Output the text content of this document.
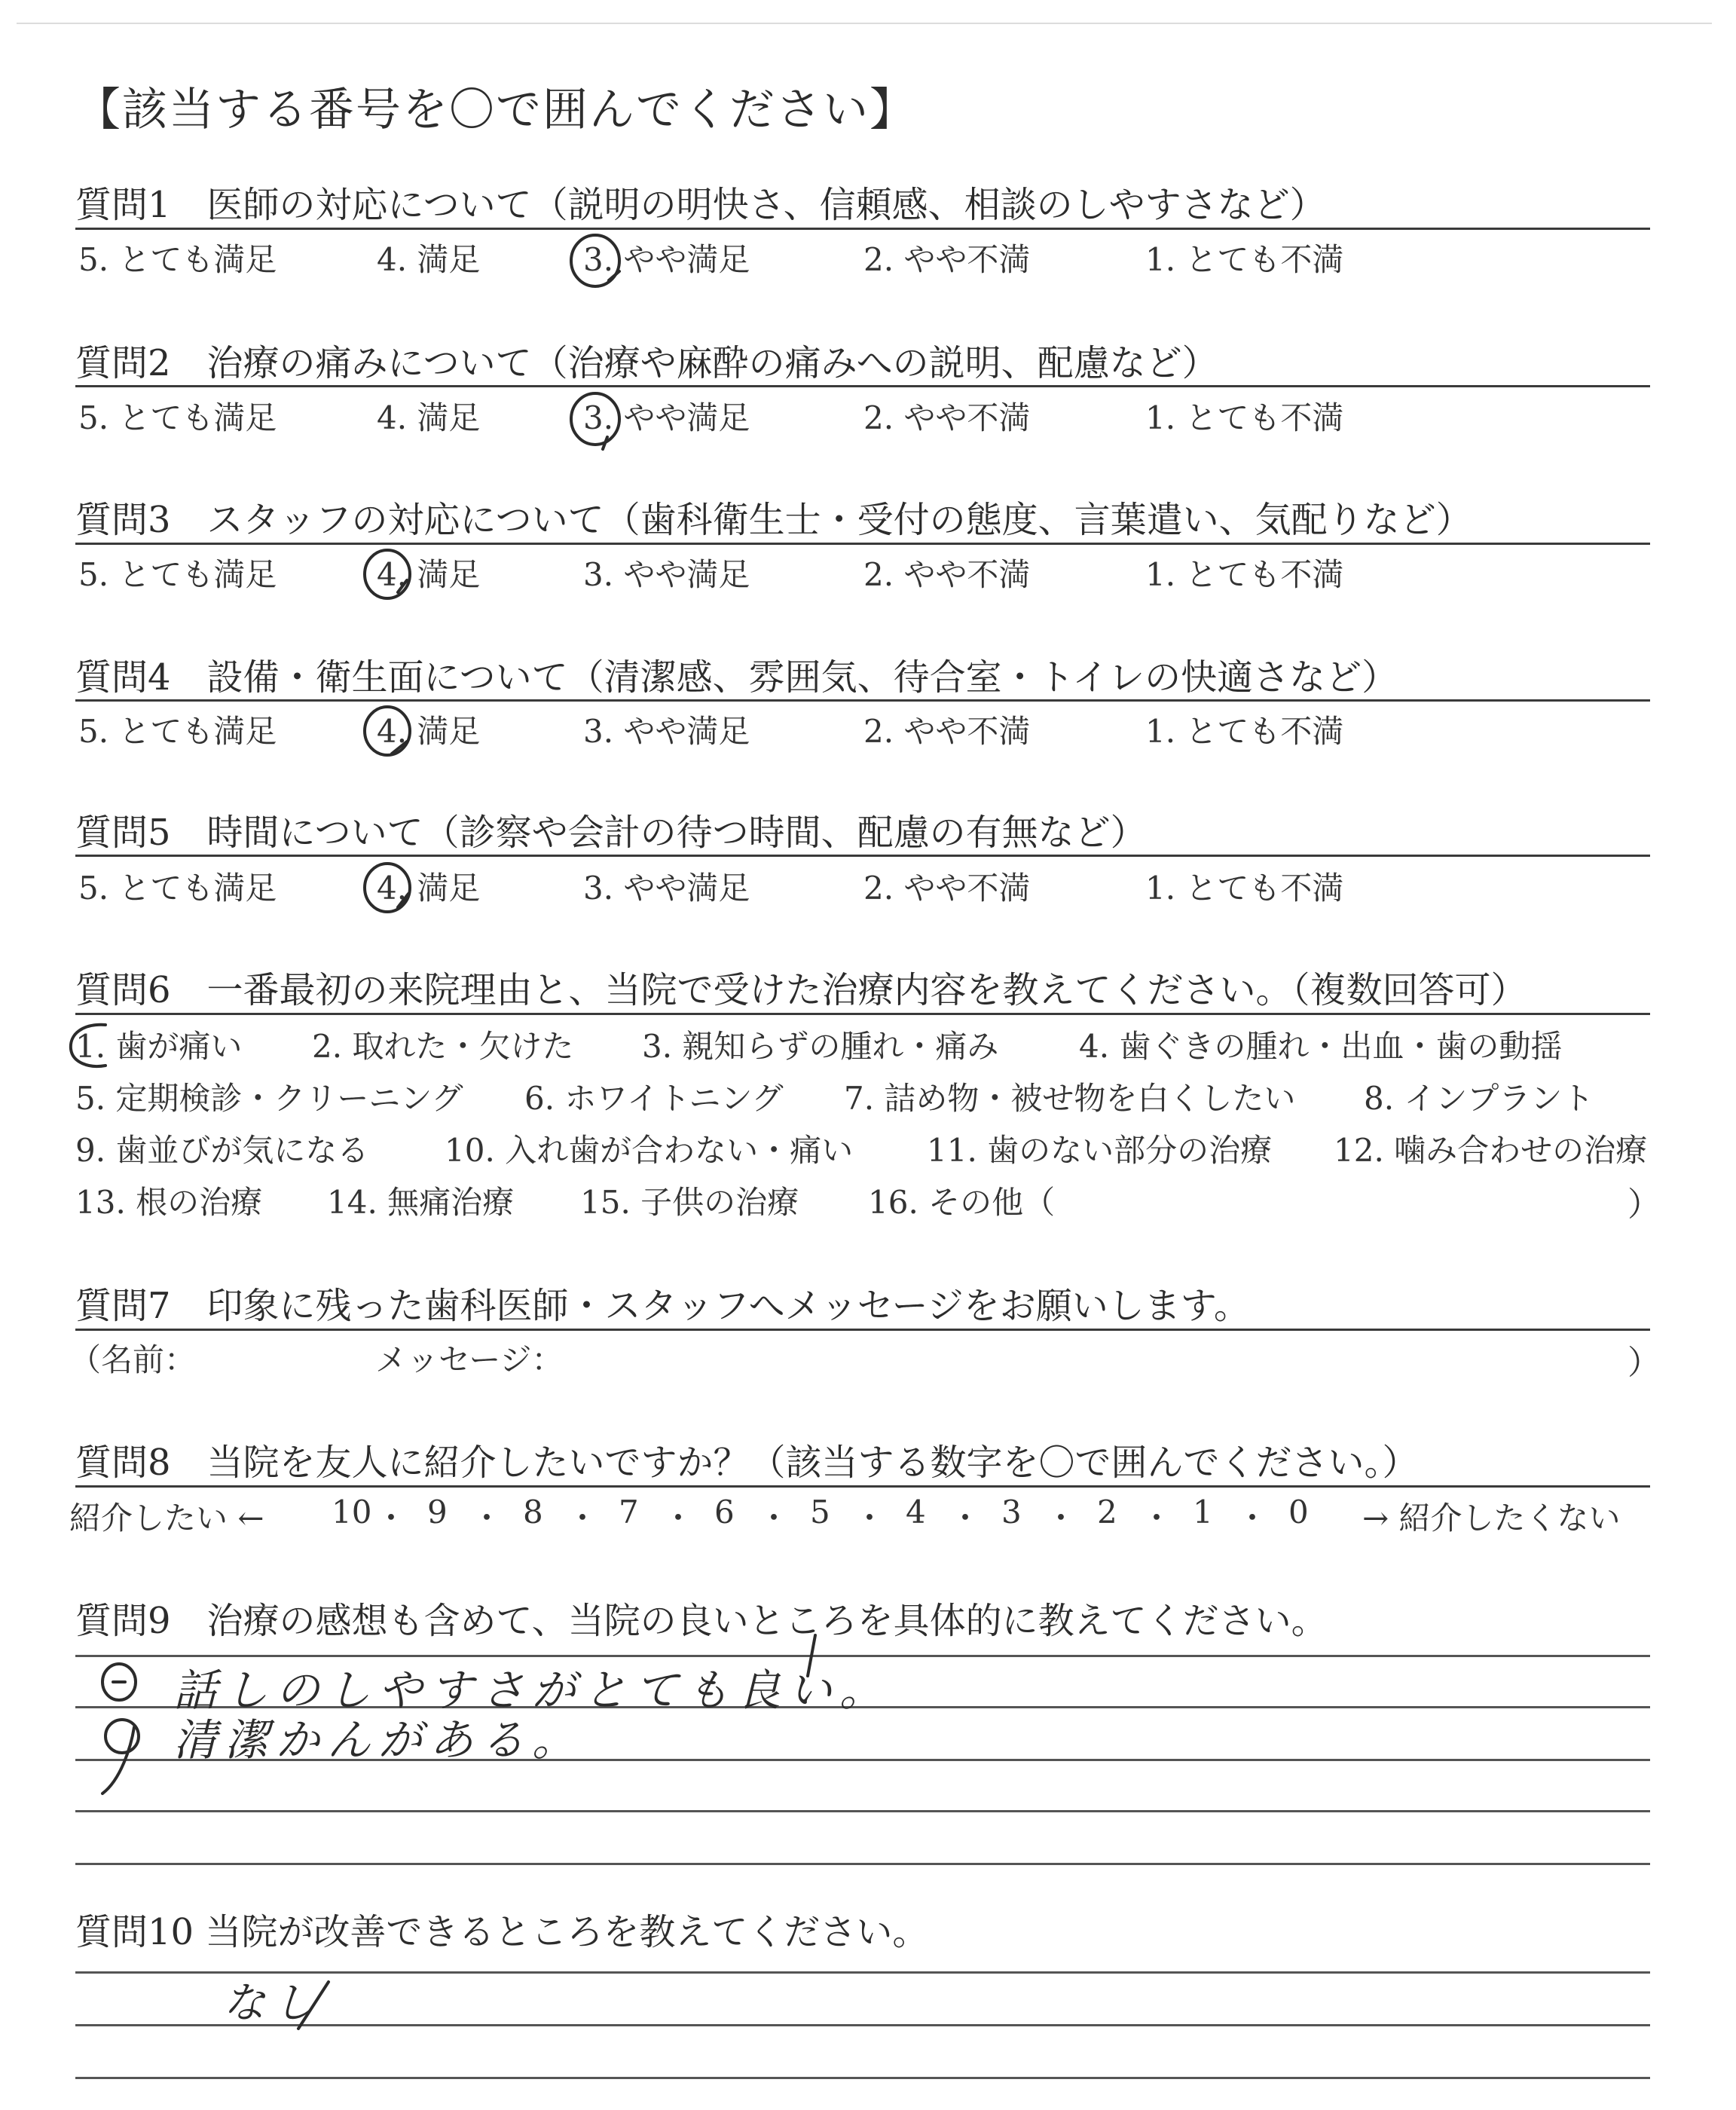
【該当する番号を〇で囲んでください】
質問1　医師の対応について（説明の明快さ、信頼感、相談のしやすさなど）
5. とても満足	4. 満足	3. やや満足	2. やや不満	1. とても不満
質問2　治療の痛みについて（治療や麻酔の痛みへの説明、配慮など）
5. とても満足	4. 満足	3. やや満足	2. やや不満	1. とても不満
質問3　スタッフの対応について（歯科衛生士・受付の態度、言葉遣い、気配りなど）
5. とても満足	4. 満足	3. やや満足	2. やや不満	1. とても不満
質問4　設備・衛生面について（清潔感、雰囲気、待合室・トイレの快適さなど）
5. とても満足	4. 満足	3. やや満足	2. やや不満	1. とても不満
質問5　時間について（診察や会計の待つ時間、配慮の有無など）
5. とても満足	4. 満足	3. やや満足	2. やや不満	1. とても不満
質問6　一番最初の来院理由と、当院で受けた治療内容を教えてください。（複数回答可）
1. 歯が痛い 2. 取れた・欠けた 3. 親知らずの腫れ・痛み	4. 歯ぐきの腫れ・出血・歯の動揺
5. 定期検診・クリーニング 6. ホワイトニング 7. 詰め物・被せ物を白くしたい 8. インプラント
9. 歯並びが気になる 10. 入れ歯が合わない・痛い 11. 歯のない部分の治療 12. 噛み合わせの治療
13. 根の治療 14. 無痛治療 15. 子供の治療 16. その他（	）
質問7　印象に残った歯科医師・スタッフへメッセージをお願いします。
（名前：	メッセージ：	）
質問8　当院を友人に紹介したいですか？（該当する数字を〇で囲んでください。）
紹介したい ← 10 ・ 9 ・ 8 ・ 7 ・ 6 ・ 5 ・ 4 ・ 3 ・ 2 ・ 1 ・ 0 → 紹介したくない
質問9　治療の感想も含めて、当院の良いところを具体的に教えてください。
話しのしやすさがとても良い。
清潔かんがある。
質問10 当院が改善できるところを教えてください。
なし
